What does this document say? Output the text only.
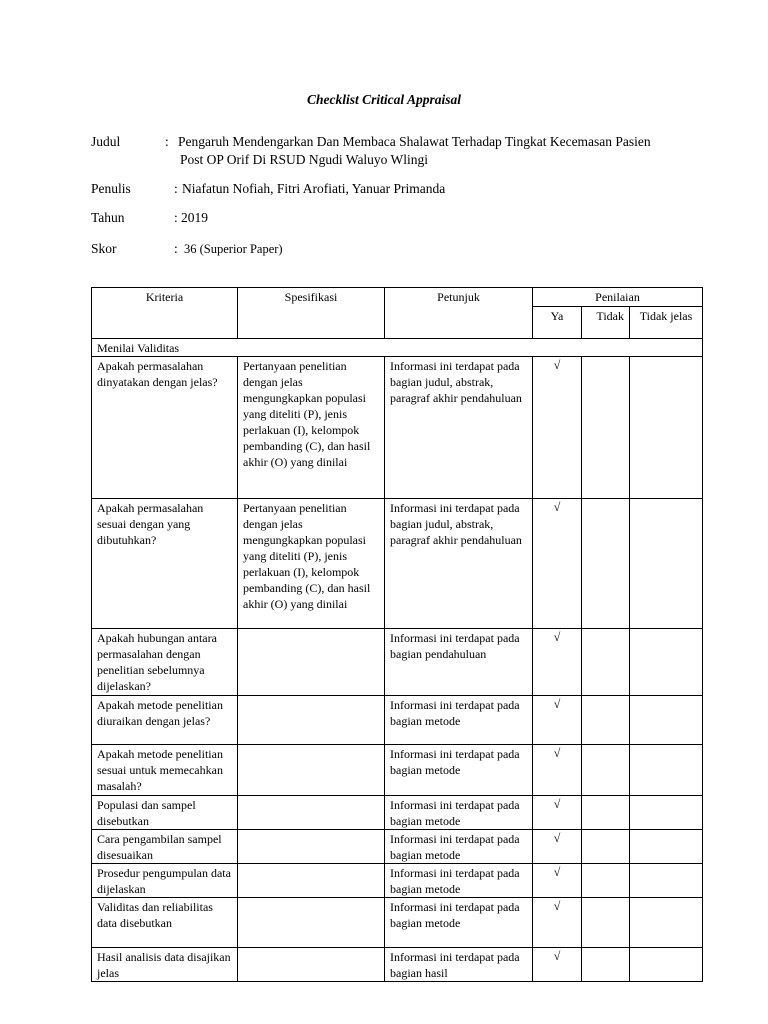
Checklist Critical Appraisal
Judul	: Pengaruh Mendengarkan Dan Membaca Shalawat Terhadap Tingkat Kecemasan Pasien
Post OP Orif Di RSUD Ngudi Waluyo Wlingi
Penulis	: Niafatun Nofiah, Fitri Arofiati, Yanuar Primanda
Tahun	: 2019
Skor	: 36 (Superior Paper)
Kriteria	Spesifikasi	Petunjuk	Penilaian		
			Ya	Tidak	Tidak jelas
Menilai Validitas					
Apakah permasalahan dinyatakan dengan jelas?	Pertanyaan penelitian dengan jelas mengungkapkan populasi yang diteliti (P), jenis perlakuan (I), kelompok pembanding (C), dan hasil akhir (O) yang dinilai	Informasi ini terdapat pada bagian judul, abstrak, paragraf akhir pendahuluan	√		
Apakah permasalahan sesuai dengan yang dibutuhkan?	Pertanyaan penelitian dengan jelas mengungkapkan populasi yang diteliti (P), jenis perlakuan (I), kelompok pembanding (C), dan hasil akhir (O) yang dinilai	Informasi ini terdapat pada bagian judul, abstrak, paragraf akhir pendahuluan	√		
Apakah hubungan antara permasalahan dengan penelitian sebelumnya dijelaskan?		Informasi ini terdapat pada bagian pendahuluan	√		
Apakah metode penelitian diuraikan dengan jelas?		Informasi ini terdapat pada bagian metode	√		
Apakah metode penelitian sesuai untuk memecahkan masalah?		Informasi ini terdapat pada bagian metode	√		
Populasi dan sampel disebutkan		Informasi ini terdapat pada bagian metode	√		
Cara pengambilan sampel disesuaikan		Informasi ini terdapat pada bagian metode	√		
Prosedur pengumpulan data dijelaskan		Informasi ini terdapat pada bagian metode	√		
Validitas dan reliabilitas data disebutkan		Informasi ini terdapat pada bagian metode	√		
Hasil analisis data disajikan jelas		Informasi ini terdapat pada bagian hasil	√		
